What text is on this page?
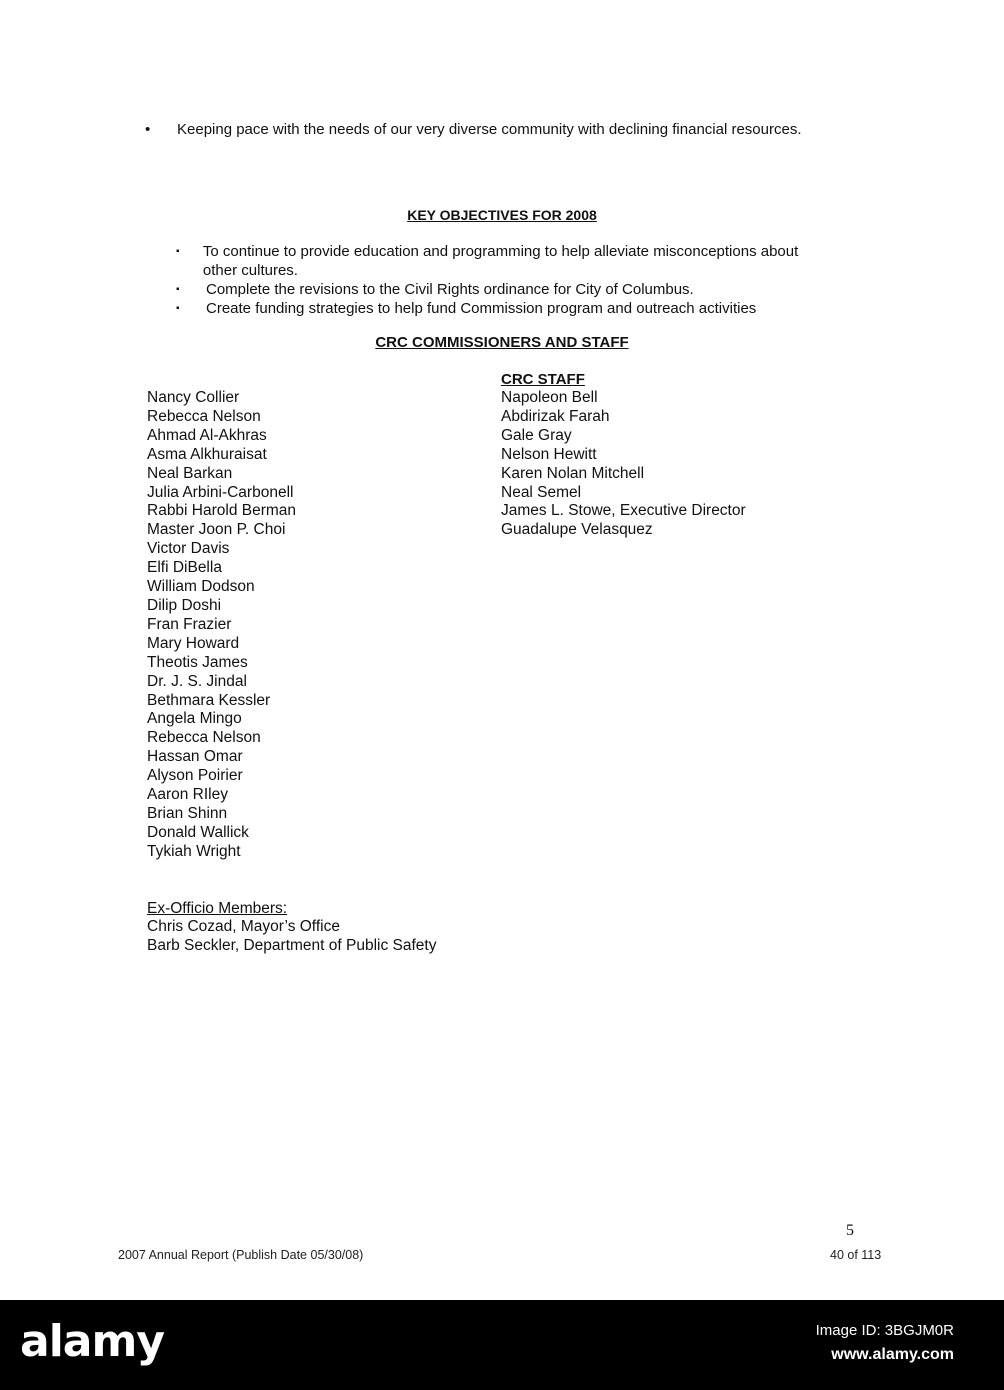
•	Keeping pace with the needs of our very diverse community with declining financial resources.
KEY OBJECTIVES FOR 2008
▪	To continue to provide education and programming to help alleviate misconceptions about other cultures.
▪	Complete the revisions to the Civil Rights ordinance for City of Columbus.
▪	Create funding strategies to help fund Commission program and outreach activities
CRC COMMISSIONERS AND STAFF
Nancy Collier
Rebecca Nelson
Ahmad Al-Akhras
Asma Alkhuraisat
Neal Barkan
Julia Arbini-Carbonell
Rabbi Harold Berman
Master Joon P. Choi
Victor Davis
Elfi DiBella
William Dodson
Dilip Doshi
Fran Frazier
Mary Howard
Theotis James
Dr. J. S. Jindal
Bethmara Kessler
Angela Mingo
Rebecca Nelson
Hassan Omar
Alyson Poirier
Aaron RIley
Brian Shinn
Donald Wallick
Tykiah Wright
CRC STAFF
Napoleon Bell
Abdirizak Farah
Gale Gray
Nelson Hewitt
Karen Nolan Mitchell
Neal Semel
James L. Stowe, Executive Director
Guadalupe Velasquez
Ex-Officio Members:
Chris Cozad, Mayor’s Office
Barb Seckler, Department of Public Safety
5
2007 Annual Report (Publish Date 05/30/08)	40 of 113
alamy	Image ID: 3BGJM0R
www.alamy.com
